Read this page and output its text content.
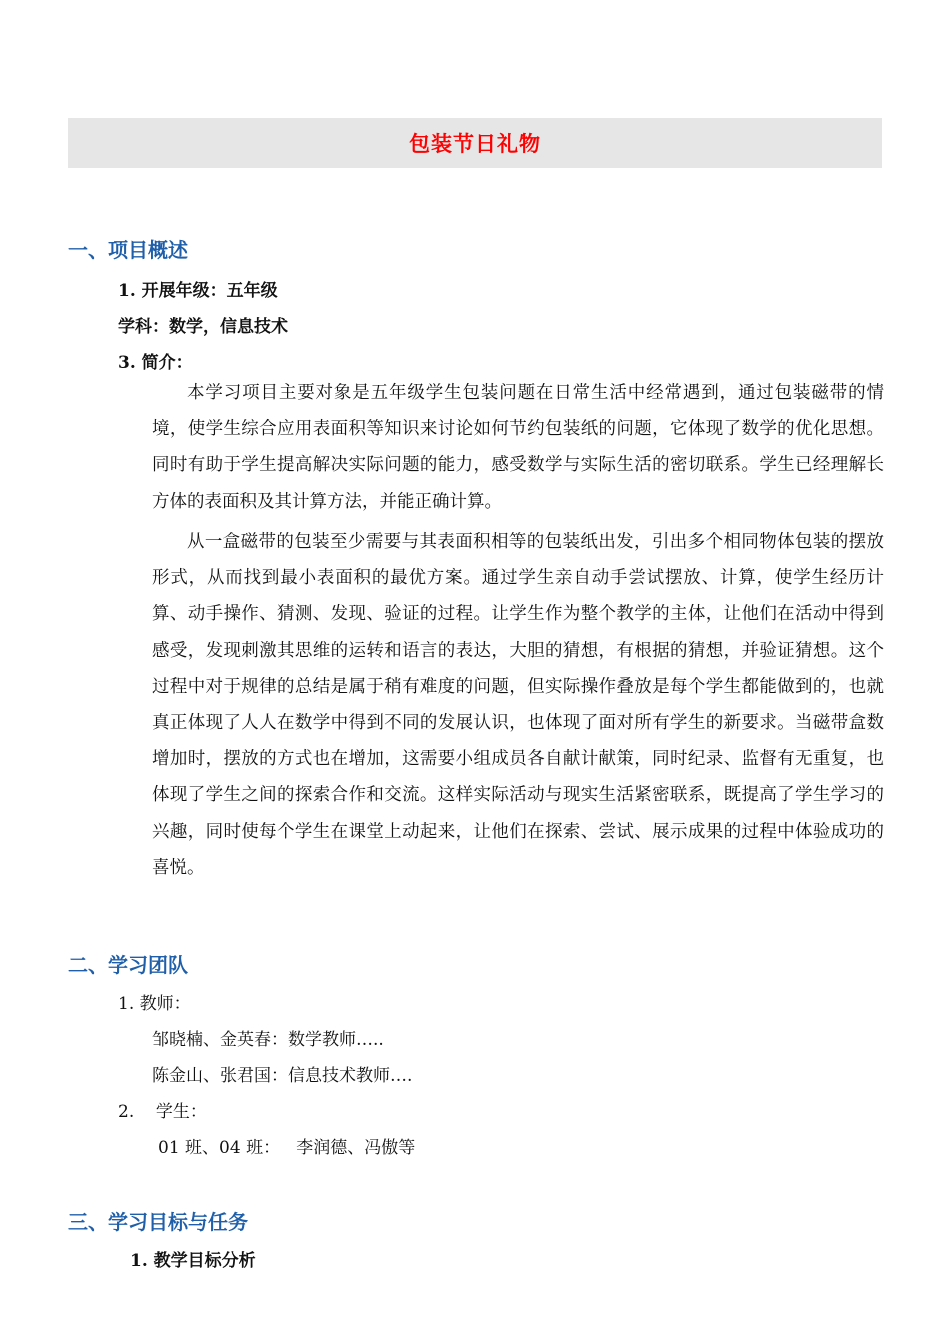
包装节日礼物
一、项目概述
1. 开展年级：五年级
学科：数学，信息技术
3. 简介：

本学习项目主要对象是五年级学生包装问题在日常生活中经常遇到，通过包装磁带的情境，使学生综合应用表面积等知识来讨论如何节约包装纸的问题，它体现了数学的优化思想。同时有助于学生提高解决实际问题的能力，感受数学与实际生活的密切联系。学生已经理解长方体的表面积及其计算方法，并能正确计算。

从一盒磁带的包装至少需要与其表面积相等的包装纸出发，引出多个相同物体包装的摆放形式，从而找到最小表面积的最优方案。通过学生亲自动手尝试摆放、计算，使学生经历计算、动手操作、猜测、发现、验证的过程。让学生作为整个教学的主体，让他们在活动中得到感受，发现刺激其思维的运转和语言的表达，大胆的猜想，有根据的猜想，并验证猜想。这个过程中对于规律的总结是属于稍有难度的问题，但实际操作叠放是每个学生都能做到的，也就真正体现了人人在数学中得到不同的发展认识，也体现了面对所有学生的新要求。当磁带盒数增加时，摆放的方式也在增加，这需要小组成员各自献计献策，同时纪录、监督有无重复，也体现了学生之间的探索合作和交流。这样实际活动与现实生活紧密联系，既提高了学生学习的兴趣，同时使每个学生在课堂上动起来，让他们在探索、尝试、展示成果的过程中体验成功的喜悦。

二、学习团队
1. 教师：
邹晓楠、金英春：数学教师…..
陈金山、张君国：信息技术教师….
2.    学生：
01 班、04 班：   李润德、冯傲等
三、学习目标与任务
1. 教学目标分析
